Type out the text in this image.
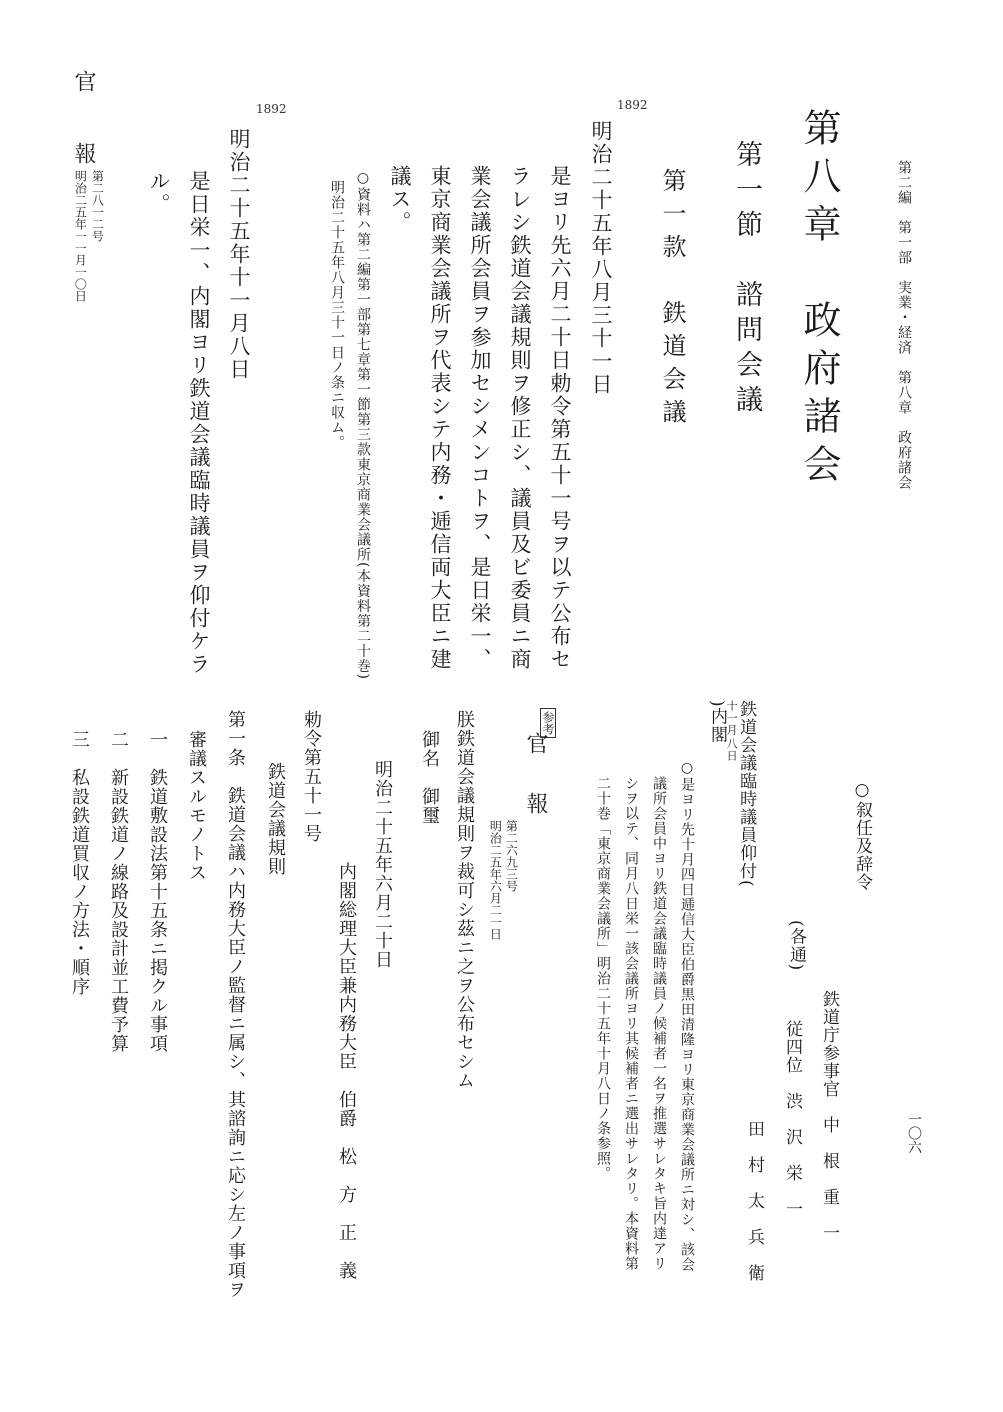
第二編　第一部　実業・経済　第八章　政府諸会
一〇六
第八章　政府諸会
第一節　諮問会議
第一款　鉄道会議
1892
明治二十五年八月三十一日
是ヨリ先六月二十日勅令第五十一号ヲ以テ公布セ
ラレシ鉄道会議規則ヲ修正シ、議員及ビ委員ニ商
業会議所会員ヲ参加セシメンコトヲ、是日栄一、
東京商業会議所ヲ代表シテ内務・逓信両大臣ニ建
議ス。
○資料ハ第二編第一部第七章第一節第三款東京商業会議所(本資料第二十巻)
明治二十五年八月三十一日ノ条ニ収ム。
1892
明治二十五年十一月八日
是日栄一、内閣ヨリ鉄道会議臨時議員ヲ仰付ケラ
ル。
官　報
第二八一二号
明治二五年一一月一〇日
○叙任及辞令
(各通)
鉄道庁参事官　中　根　重　一
従四位　渋　沢　栄　一
田　村　太　兵　衛
鉄道会議臨時議員仰付(
十一月
八日
)内閣
○是ヨリ先十月四日逓信大臣伯爵黒田清隆ヨリ東京商業会議所ニ対シ、該会
議所会員中ヨリ鉄道会議臨時議員ノ候補者一名ヲ推選サレタキ旨内達アリ
シヲ以テ、同月八日栄一該会議所ヨリ其候補者ニ選出サレタリ。本資料第
二十巻「東京商業会議所」明治二十五年十月八日ノ条参照。
参考
官　報
第二六九三号
明治二五年六月二一日
朕鉄道会議規則ヲ裁可シ茲ニ之ヲ公布セシム
御名　御璽
明治二十五年六月二十日
内閣総理大臣兼内務大臣　伯爵　松　方　正　義
勅令第五十一号
鉄道会議規則
第一条　鉄道会議ハ内務大臣ノ監督ニ属シ、其諮詢ニ応シ左ノ事項ヲ
審議スルモノトス
一　鉄道敷設法第十五条ニ掲クル事項
二　新設鉄道ノ線路及設計並工費予算
三　私設鉄道買収ノ方法・順序
